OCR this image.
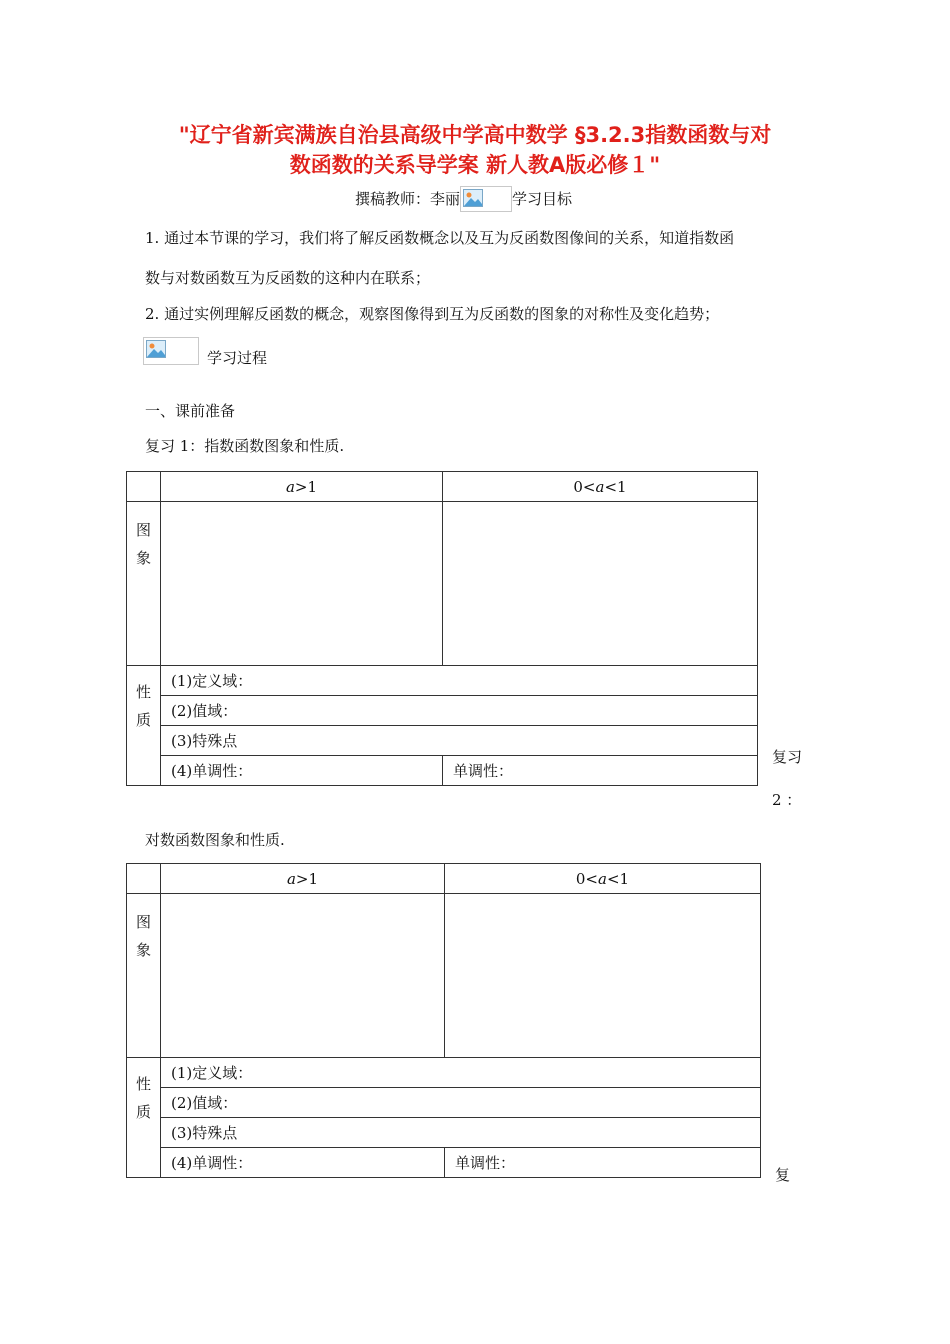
"辽宁省新宾满族自治县高级中学高中数学 §3.2.3指数函数与对
数函数的关系导学案 新人教A版必修１"
撰稿教师：李丽	学习目标
1. 通过本节课的学习，我们将了解反函数概念以及互为反函数图像间的关系，知道指数函
数与对数函数互为反函数的这种内在联系；
2. 通过实例理解反函数的概念，观察图像得到互为反函数的图象的对称性及变化趋势；
学习过程
一、课前准备
复习 1：指数函数图象和性质.
	a>1	0<a<1

图
象		

性
质	(1)定义域：	
	(2)值域：	
	(3)特殊点	
	(4)单调性：	单调性：
复习
2 ：
对数函数图象和性质.
	a>1	0<a<1

图
象		

性
质	(1)定义域：	
	(2)值域：	
	(3)特殊点	
	(4)单调性：	单调性：
复
